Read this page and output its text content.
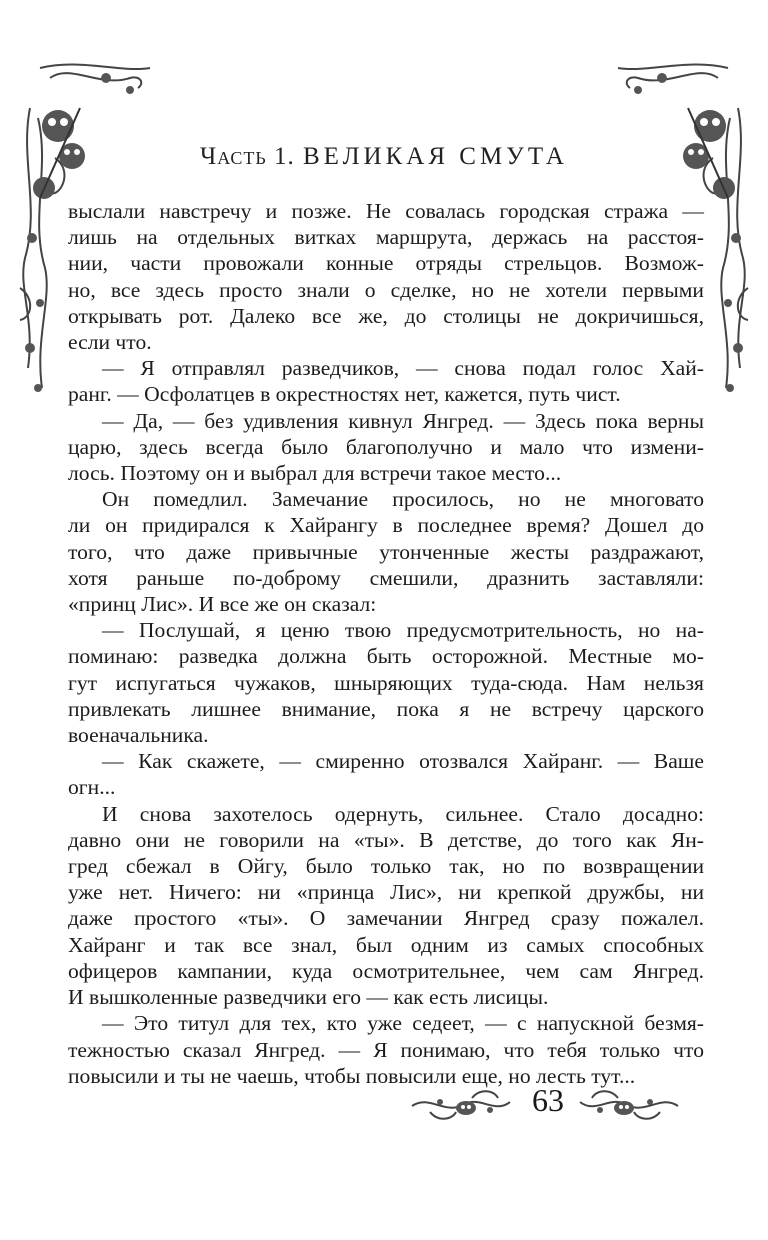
Часть 1. ВЕЛИКАЯ СМУТА
выслали навстречу и позже. Не совалась городская стража —
лишь на отдельных витках маршрута, держась на расстоя-
нии, части провожали конные отряды стрельцов. Возмож-
но, все здесь просто знали о сделке, но не хотели первыми
открывать рот. Далеко все же, до столицы не докричишься,
если что.
— Я отправлял разведчиков, — снова подал голос Хай-
ранг. — Осфолатцев в окрестностях нет, кажется, путь чист.
— Да, — без удивления кивнул Янгред. — Здесь пока верны
царю, здесь всегда было благополучно и мало что измени-
лось. Поэтому он и выбрал для встречи такое место...
Он помедлил. Замечание просилось, но не многовато
ли он придирался к Хайрангу в последнее время? Дошел до
того, что даже привычные утонченные жесты раздражают,
хотя раньше по-доброму смешили, дразнить заставляли:
«принц Лис». И все же он сказал:
— Послушай, я ценю твою предусмотрительность, но на-
поминаю: разведка должна быть осторожной. Местные мо-
гут испугаться чужаков, шныряющих туда-сюда. Нам нельзя
привлекать лишнее внимание, пока я не встречу царского
военачальника.
— Как скажете, — смиренно отозвался Хайранг. — Ваше
огн...
И снова захотелось одернуть, сильнее. Стало досадно:
давно они не говорили на «ты». В детстве, до того как Ян-
гред сбежал в Ойгу, было только так, но по возвращении
уже нет. Ничего: ни «принца Лис», ни крепкой дружбы, ни
даже простого «ты». О замечании Янгред сразу пожалел.
Хайранг и так все знал, был одним из самых способных
офицеров кампании, куда осмотрительнее, чем сам Янгред.
И вышколенные разведчики его — как есть лисицы.
— Это титул для тех, кто уже седеет, — с напускной безмя-
тежностью сказал Янгред. — Я понимаю, что тебя только что
повысили и ты не чаешь, чтобы повысили еще, но лесть тут...
63
